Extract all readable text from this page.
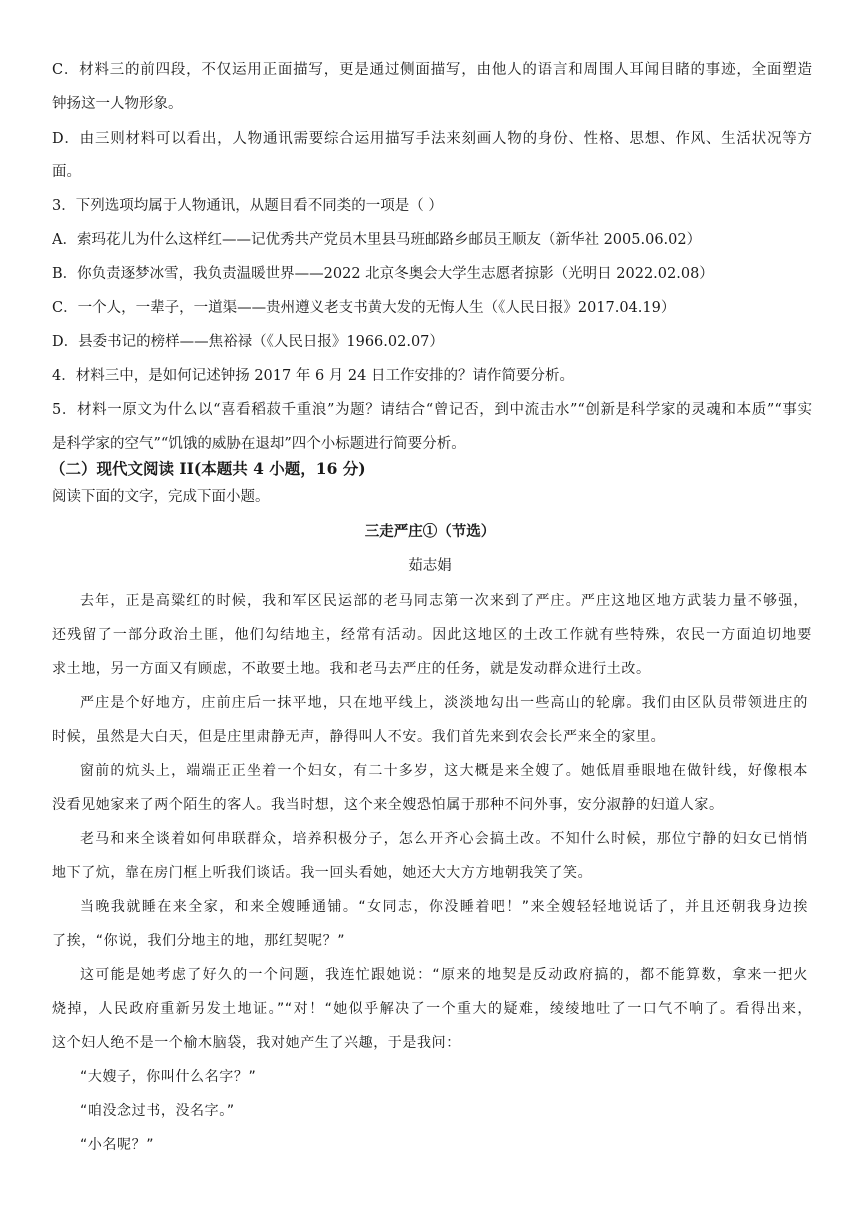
C．材料三的前四段，不仅运用正面描写，更是通过侧面描写，由他人的语言和周围人耳闻目睹的事迹，全面塑造
钟扬这一人物形象。
D．由三则材料可以看出，人物通讯需要综合运用描写手法来刻画人物的身份、性格、思想、作风、生活状况等方
面。
3．下列选项均属于人物通讯，从题目看不同类的一项是（ ）
A．索玛花儿为什么这样红——记优秀共产党员木里县马班邮路乡邮员王顺友（新华社 2005.06.02）
B．你负责逐梦冰雪，我负责温暖世界——2022 北京冬奥会大学生志愿者掠影（光明日 2022.02.08）
C．一个人，一辈子，一道渠——贵州遵义老支书黄大发的无悔人生（《人民日报》2017.04.19）
D．县委书记的榜样——焦裕禄（《人民日报》1966.02.07）
4．材料三中，是如何记述钟扬 2017 年 6 月 24 日工作安排的？请作简要分析。
5．材料一原文为什么以“喜看稻菽千重浪”为题？请结合“曾记否，到中流击水”“创新是科学家的灵魂和本质”“事实
是科学家的空气”“饥饿的威胁在退却”四个小标题进行简要分析。
（二）现代文阅读 II(本题共 4 小题，16 分)
阅读下面的文字，完成下面小题。
三走严庄①（节选）
茹志娟
去年，正是高粱红的时候，我和军区民运部的老马同志第一次来到了严庄。严庄这地区地方武装力量不够强，
还残留了一部分政治土匪，他们勾结地主，经常有活动。因此这地区的土改工作就有些特殊，农民一方面迫切地要
求土地，另一方面又有顾虑，不敢要土地。我和老马去严庄的任务，就是发动群众进行土改。
严庄是个好地方，庄前庄后一抹平地，只在地平线上，淡淡地勾出一些高山的轮廓。我们由区队员带领进庄的
时候，虽然是大白天，但是庄里肃静无声，静得叫人不安。我们首先来到农会长严来全的家里。
窗前的炕头上，端端正正坐着一个妇女，有二十多岁，这大概是来全嫂了。她低眉垂眼地在做针线，好像根本
没看见她家来了两个陌生的客人。我当时想，这个来全嫂恐怕属于那种不问外事，安分淑静的妇道人家。
老马和来全谈着如何串联群众，培养积极分子，怎么开齐心会搞土改。不知什么时候，那位宁静的妇女已悄悄
地下了炕，靠在房门框上听我们谈话。我一回头看她，她还大大方方地朝我笑了笑。
当晚我就睡在来全家，和来全嫂睡通铺。“女同志，你没睡着吧！”来全嫂轻轻地说话了，并且还朝我身边挨
了挨，“你说，我们分地主的地，那红契呢？”
这可能是她考虑了好久的一个问题，我连忙跟她说：“原来的地契是反动政府搞的，都不能算数，拿来一把火
烧掉，人民政府重新另发土地证。”“对！“她似乎解决了一个重大的疑难，绫绫地吐了一口气不响了。看得出来，
这个妇人绝不是一个榆木脑袋，我对她产生了兴趣，于是我问：
“大嫂子，你叫什么名字？”
“咱没念过书，没名字。”
“小名呢？”
